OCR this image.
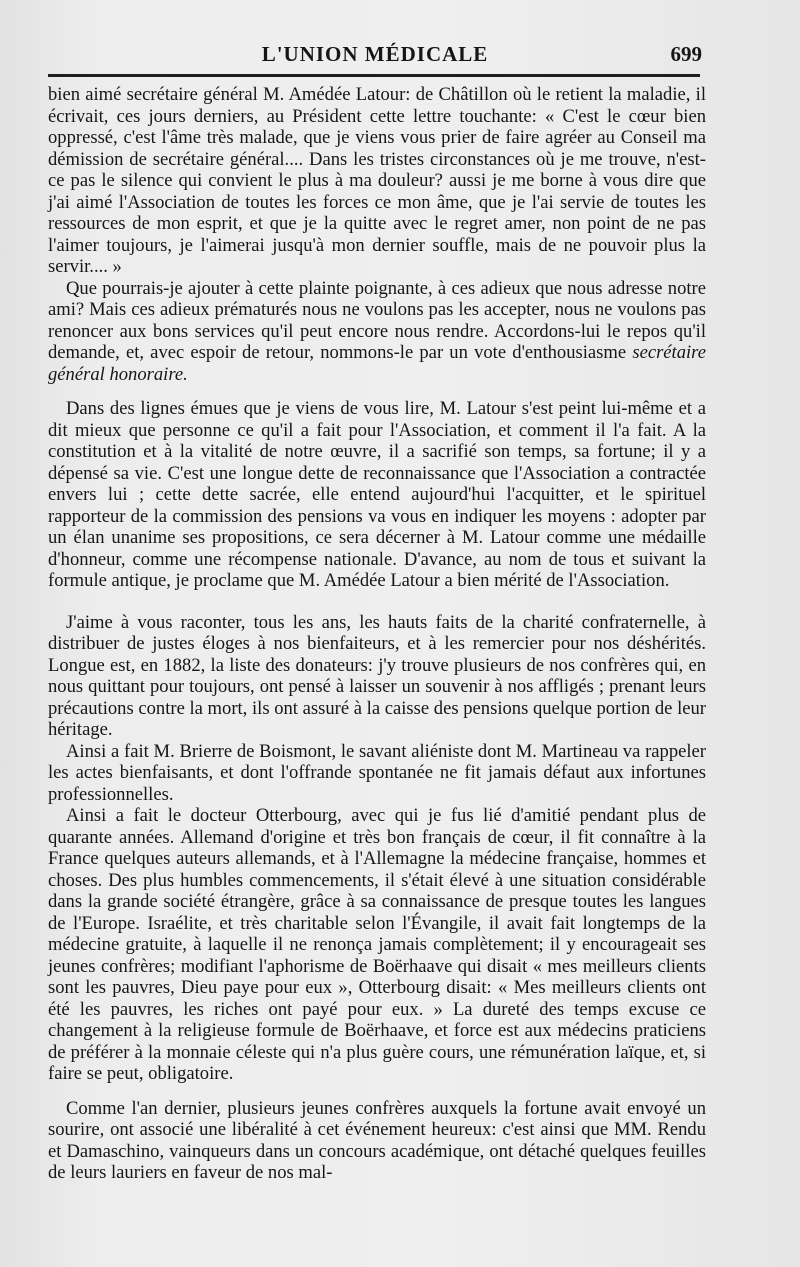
L'UNION MÉDICALE	699

bien aimé secrétaire général M. Amédée Latour: de Châtillon où le retient la maladie, il écrivait, ces jours derniers, au Président cette lettre touchante: « C'est le cœur bien oppressé, c'est l'âme très malade, que je viens vous prier de faire agréer au Conseil ma démission de secrétaire général.... Dans les tristes circonstances où je me trouve, n'est-ce pas le silence qui convient le plus à ma douleur? aussi je me borne à vous dire que j'ai aimé l'Association de toutes les forces ce mon âme, que je l'ai servie de toutes les ressources de mon esprit, et que je la quitte avec le regret amer, non point de ne pas l'aimer toujours, je l'aimerai jusqu'à mon dernier souffle, mais de ne pouvoir plus la servir.... »

Que pourrais-je ajouter à cette plainte poignante, à ces adieux que nous adresse notre ami? Mais ces adieux prématurés nous ne voulons pas les accepter, nous ne voulons pas renoncer aux bons services qu'il peut encore nous rendre. Accordons-lui le repos qu'il demande, et, avec espoir de retour, nommons-le par un vote d'enthousiasme secrétaire général honoraire.

Dans des lignes émues que je viens de vous lire, M. Latour s'est peint lui-même et a dit mieux que personne ce qu'il a fait pour l'Association, et comment il l'a fait. A la constitution et à la vitalité de notre œuvre, il a sacrifié son temps, sa fortune; il y a dépensé sa vie. C'est une longue dette de reconnaissance que l'Association a contractée envers lui ; cette dette sacrée, elle entend aujourd'hui l'acquitter, et le spirituel rapporteur de la commission des pensions va vous en indiquer les moyens : adopter par un élan unanime ses propositions, ce sera décerner à M. Latour comme une médaille d'honneur, comme une récompense nationale. D'avance, au nom de tous et suivant la formule antique, je proclame que M. Amédée Latour a bien mérité de l'Association.

J'aime à vous raconter, tous les ans, les hauts faits de la charité confraternelle, à distribuer de justes éloges à nos bienfaiteurs, et à les remercier pour nos déshérités. Longue est, en 1882, la liste des donateurs: j'y trouve plusieurs de nos confrères qui, en nous quittant pour toujours, ont pensé à laisser un souvenir à nos affligés ; prenant leurs précautions contre la mort, ils ont assuré à la caisse des pensions quelque portion de leur héritage.

Ainsi a fait M. Brierre de Boismont, le savant aliéniste dont M. Martineau va rappeler les actes bienfaisants, et dont l'offrande spontanée ne fit jamais défaut aux infortunes professionnelles.

Ainsi a fait le docteur Otterbourg, avec qui je fus lié d'amitié pendant plus de quarante années. Allemand d'origine et très bon français de cœur, il fit connaître à la France quelques auteurs allemands, et à l'Allemagne la médecine française, hommes et choses. Des plus humbles commencements, il s'était élevé à une situation considérable dans la grande société étrangère, grâce à sa connaissance de presque toutes les langues de l'Europe. Israélite, et très charitable selon l'Évangile, il avait fait longtemps de la médecine gratuite, à laquelle il ne renonça jamais complètement; il y encourageait ses jeunes confrères; modifiant l'aphorisme de Boërhaave qui disait « mes meilleurs clients sont les pauvres, Dieu paye pour eux », Otterbourg disait: « Mes meilleurs clients ont été les pauvres, les riches ont payé pour eux. » La dureté des temps excuse ce changement à la religieuse formule de Boërhaave, et force est aux médecins praticiens de préférer à la monnaie céleste qui n'a plus guère cours, une rémunération laïque, et, si faire se peut, obligatoire.

Comme l'an dernier, plusieurs jeunes confrères auxquels la fortune avait envoyé un sourire, ont associé une libéralité à cet événement heureux: c'est ainsi que MM. Rendu et Damaschino, vainqueurs dans un concours académique, ont détaché quelques feuilles de leurs lauriers en faveur de nos mal-
